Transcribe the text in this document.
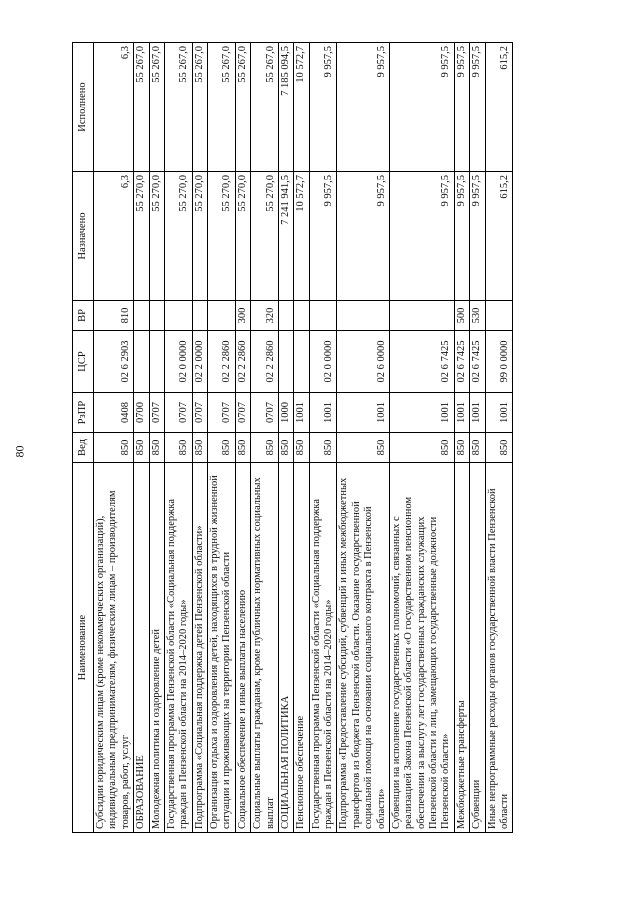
80
Наименование	Вед	РзПР	ЦСР	ВР	Назначено	Исполнено
Субсидии юридическим лицам (кроме некоммерческих организаций), индивидуальным предпринимателям, физическим лицам – производителям товаров, работ, услуг	850	0408	02 6 2903	810	6,3	6,3
ОБРАЗОВАНИЕ	850	0700			55 270,0	55 267,0
Молодежная политика и оздоровление детей	850	0707			55 270,0	55 267,0
Государственная программа Пензенской области «Социальная поддержка граждан в Пензенской области на 2014–2020 годы»	850	0707	02 0 0000		55 270,0	55 267,0
Подпрограмма «Социальная поддержка детей Пензенской области»	850	0707	02 2 0000		55 270,0	55 267,0
Организация отдыха и оздоровления детей, находящихся в трудной жизненной ситуации и проживающих на территории Пензенской области	850	0707	02 2 2860		55 270,0	55 267,0
Социальное обеспечение и иные выплаты населению	850	0707	02 2 2860	300	55 270,0	55 267,0
Социальные выплаты гражданам, кроме публичных нормативных социальных выплат	850	0707	02 2 2860	320	55 270,0	55 267,0
СОЦИАЛЬНАЯ ПОЛИТИКА	850	1000			7 241 941,5	7 185 094,5
Пенсионное обеспечение	850	1001			10 572,7	10 572,7
Государственная программа Пензенской области «Социальная поддержка граждан в Пензенской области на 2014–2020 годы»	850	1001	02 0 0000		9 957,5	9 957,5
Подпрограмма «Предоставление субсидий, субвенций и иных межбюджетных трансфертов из бюджета Пензенской области. Оказание государственной социальной помощи на основании социального контракта в Пензенской области»	850	1001	02 6 0000		9 957,5	9 957,5
Субвенции на исполнение государственных полномочий, связанных с реализацией Закона Пензенской области «О государственном пенсионном обеспечении за выслугу лет государственных гражданских служащих Пензенской области и лиц, замещающих государственные должности Пензенской области»	850	1001	02 6 7425		9 957,5	9 957,5
Межбюджетные трансферты	850	1001	02 6 7425	500	9 957,5	9 957,5
Субвенции	850	1001	02 6 7425	530	9 957,5	9 957,5
Иные непрограммные расходы органов государственной власти Пензенской области	850	1001	99 0 0000		615,2	615,2
